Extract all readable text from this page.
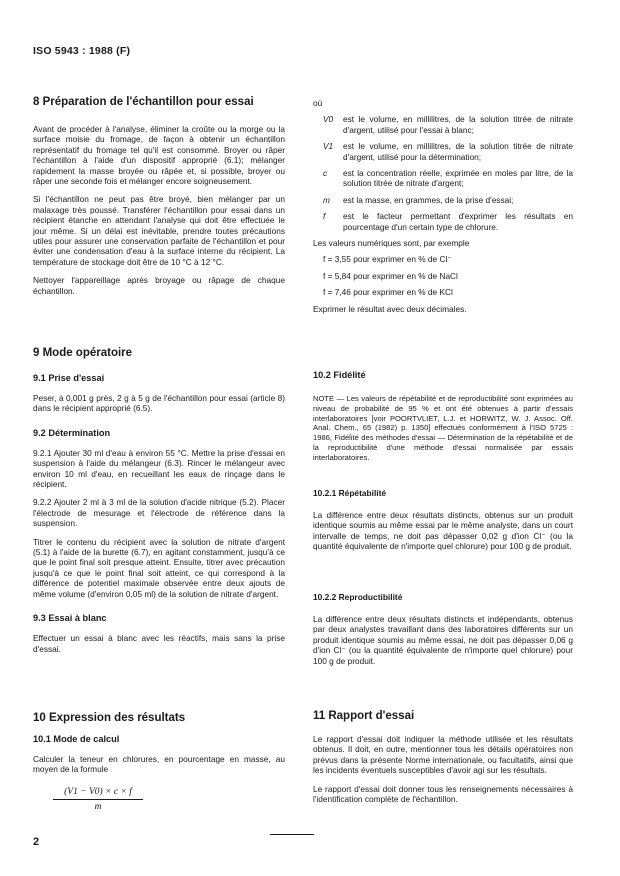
ISO 5943 : 1988 (F)
8 Préparation de l'échantillon pour essai

Avant de procéder à l'analyse, éliminer la croûte ou la morge ou la surface moisie du fromage, de façon à obtenir un échantillon représentatif du fromage tel qu'il est consommé. Broyer ou râper l'échantillon à l'aide d'un dispositif approprié (6.1); mélanger rapidement la masse broyée ou râpée et, si possible, broyer ou râper une seconde fois et mélanger encore soigneusement.

Si l'échantillon ne peut pas être broyé, bien mélanger par un malaxage très poussé. Transférer l'échantillon pour essai dans un récipient étanche en attendant l'analyse qui doit être effectuée le jour même. Si un délai est inévitable, prendre toutes précautions utiles pour assurer une conservation parfaite de l'échantillon et pour éviter une condensation d'eau à la surface interne du récipient. La température de stockage doit être de 10 °C à 12 °C.

Nettoyer l'appareillage après broyage ou râpage de chaque échantillon.

9 Mode opératoire
9.1 Prise d'essai

Peser, à 0,001 g près, 2 g à 5 g de l'échantillon pour essai (article 8) dans le récipient approprié (6.5).

9.2 Détermination

9.2.1 Ajouter 30 ml d'eau à environ 55 °C. Mettre la prise d'essai en suspension à l'aide du mélangeur (6.3). Rincer le mélangeur avec environ 10 ml d'eau, en recueillant les eaux de rinçage dans le récipient.

9.2.2 Ajouter 2 ml à 3 ml de la solution d'acide nitrique (5.2). Placer l'électrode de mesurage et l'électrode de référence dans la suspension.

Titrer le contenu du récipient avec la solution de nitrate d'argent (5.1) à l'aide de la burette (6.7), en agitant constamment, jusqu'à ce que le point final soit presque atteint. Ensuite, titrer avec précaution jusqu'à ce que le point final soit atteint, ce qui correspond à la différence de potentiel maximale observée entre deux ajouts de même volume (d'environ 0,05 ml) de la solution de nitrate d'argent.

9.3 Essai à blanc

Effectuer un essai à blanc avec les réactifs, mais sans la prise d'essai.

10 Expression des résultats
10.1 Mode de calcul

Calculer la teneur en chlorures, en pourcentage en masse, au moyen de la formule

(V1 − V0) × c × f
m

où

V0	est le volume, en millilitres, de la solution titrée de nitrate d'argent, utilisé pour l'essai à blanc;
V1	est le volume, en millilitres, de la solution titrée de nitrate d'argent, utilisé pour la détermination;
c	est la concentration réelle, exprimée en moles par litre, de la solution titrée de nitrate d'argent;
m	est la masse, en grammes, de la prise d'essai;
f	est le facteur permettant d'exprimer les résultats en pourcentage d'un certain type de chlorure.

Les valeurs numériques sont, par exemple

f = 3,55 pour exprimer en % de Cl⁻
f = 5,84 pour exprimer en % de NaCl
f = 7,46 pour exprimer en % de KCl

Exprimer le résultat avec deux décimales.

10.2 Fidélité

NOTE — Les valeurs de répétabilité et de reproductibilité sont exprimées au niveau de probabilité de 95 % et ont été obtenues à partir d'essais interlaboratoires [voir POORTVLIET, L.J. et HORWITZ, W. J. Assoc. Off. Anal. Chem., 65 (1982) p. 1350] effectués conformément à l'ISO 5725 : 1986, Fidélité des méthodes d'essai — Détermination de la répétabilité et de la reproductibilité d'une méthode d'essai normalisée par essais interlaboratoires.

10.2.1 Répétabilité

La différence entre deux résultats distincts, obtenus sur un produit identique soumis au même essai par le même analyste, dans un court intervalle de temps, ne doit pas dépasser 0,02 g d'ion Cl⁻ (ou la quantité équivalente de n'importe quel chlorure) pour 100 g de produit.

10.2.2 Reproductibilité

La différence entre deux résultats distincts et indépendants, obtenus par deux analystes travaillant dans des laboratoires différents sur un produit identique soumis au même essai, ne doit pas dépasser 0,06 g d'ion Cl⁻ (ou la quantité équivalente de n'importe quel chlorure) pour 100 g de produit.

11 Rapport d'essai

Le rapport d'essai doit indiquer la méthode utilisée et les résultats obtenus. Il doit, en outre, mentionner tous les détails opératoires non prévus dans la présente Norme internationale, ou facultatifs, ainsi que les incidents éventuels susceptibles d'avoir agi sur les résultats.

Le rapport d'essai doit donner tous les renseignements nécessaires à l'identification complète de l'échantillon.

2
